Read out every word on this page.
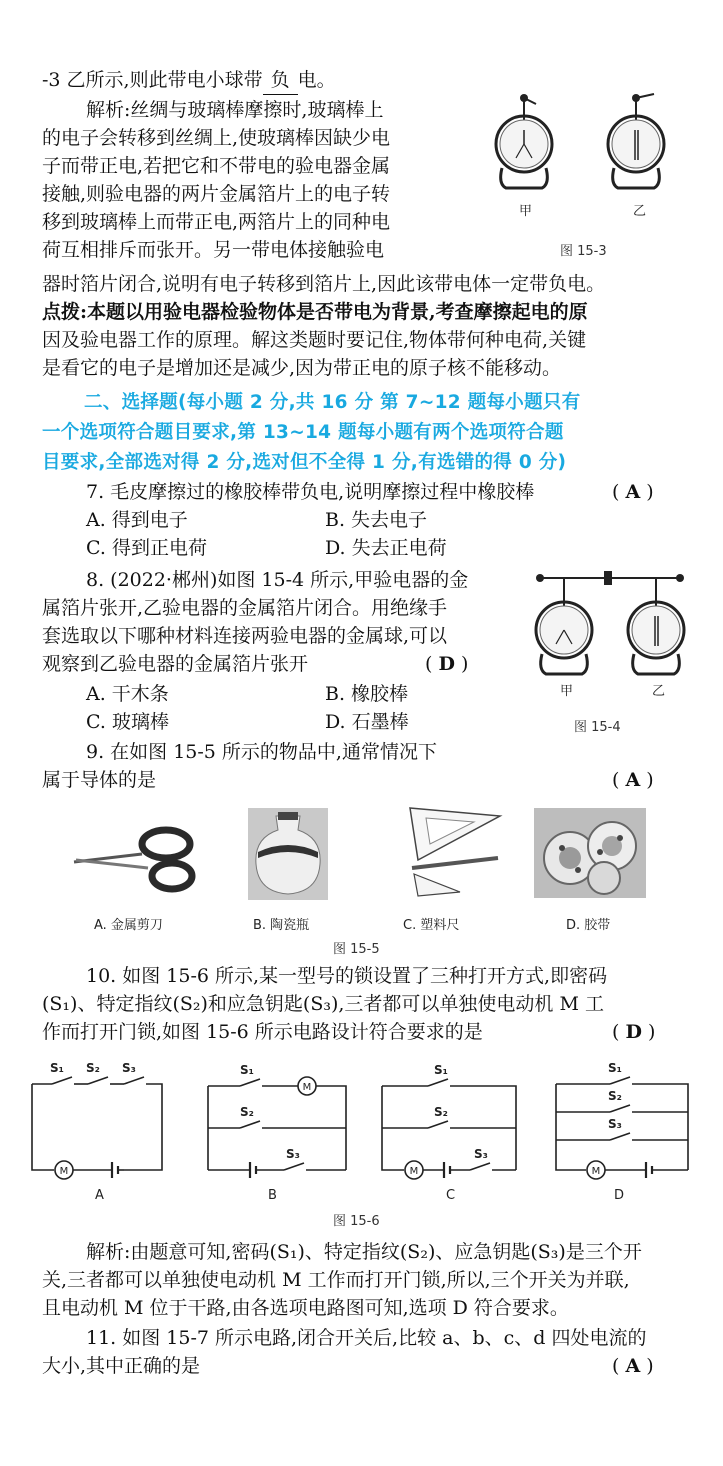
-3 乙所示,则此带电小球带 负 电。
解析:丝绸与玻璃棒摩擦时,玻璃棒上
的电子会转移到丝绸上,使玻璃棒因缺少电
子而带正电,若把它和不带电的验电器金属
接触,则验电器的两片金属箔片上的电子转
移到玻璃棒上而带正电,两箔片上的同种电
荷互相排斥而张开。另一带电体接触验电
器时箔片闭合,说明有电子转移到箔片上,因此该带电体一定带负电。
点拨:本题以用验电器检验物体是否带电为背景,考查摩擦起电的原
因及验电器工作的原理。解这类题时要记住,物体带何种电荷,关键
是看它的电子是增加还是减少,因为带正电的原子核不能移动。
甲	乙
图 15-3
二、选择题(每小题 2 分,共 16 分 第 7~12 题每小题只有
一个选项符合题目要求,第 13~14 题每小题有两个选项符合题
目要求,全部选对得 2 分,选对但不全得 1 分,有选错的得 0 分)
7. 毛皮摩擦过的橡胶棒带负电,说明摩擦过程中橡胶棒	( A )
A. 得到电子	B. 失去电子
C. 得到正电荷	D. 失去正电荷
8. (2022·郴州)如图 15-4 所示,甲验电器的金
属箔片张开,乙验电器的金属箔片闭合。用绝缘手
套选取以下哪种材料连接两验电器的金属球,可以
观察到乙验电器的金属箔片张开	( D )
A. 干木条	B. 橡胶棒
C. 玻璃棒	D. 石墨棒
甲	乙
图 15-4
9. 在如图 15-5 所示的物品中,通常情况下
属于导体的是	( A )
A. 金属剪刀	B. 陶瓷瓶	C. 塑料尺	D. 胶带
图 15-5
10. 如图 15-6 所示,某一型号的锁设置了三种打开方式,即密码
(S₁)、特定指纹(S₂)和应急钥匙(S₃),三者都可以单独使电动机 M 工
作而打开门锁,如图 15-6 所示电路设计符合要求的是	( D )
M
M
M	M
S₁ S₂ S₃	S₁
S₂
S₃
S₁
S₂
S₃
S₁
S₂
S₃
A	B	C	D
图 15-6
解析:由题意可知,密码(S₁)、特定指纹(S₂)、应急钥匙(S₃)是三个开
关,三者都可以单独使电动机 M 工作而打开门锁,所以,三个开关为并联,
且电动机 M 位于干路,由各选项电路图可知,选项 D 符合要求。
11. 如图 15-7 所示电路,闭合开关后,比较 a、b、c、d 四处电流的
大小,其中正确的是	( A )
